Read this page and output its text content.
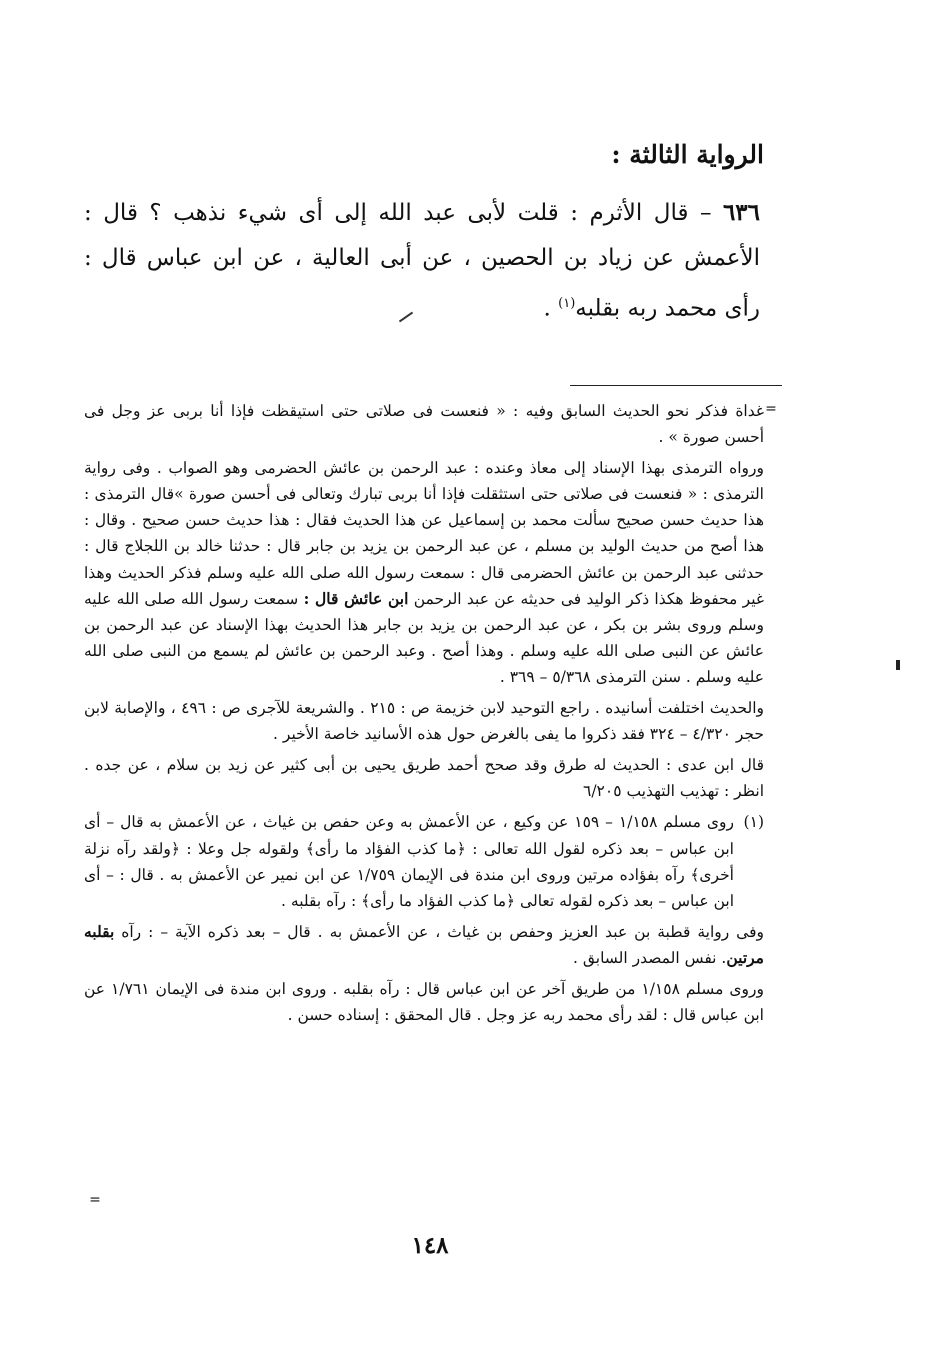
الرواية الثالثة :
٦٣٦ – قال الأثرم : قلت لأبى عبد الله إلى أى شيء نذهب ؟ قال : الأعمش عن زياد بن الحصين ، عن أبى العالية ، عن ابن عباس قال : رأى محمد ربه بقلبه$^{(١)}$ .
=

غداة فذكر نحو الحديث السابق وفيه : « فنعست فى صلاتى حتى استيقظت فإذا أنا بربى عز وجل فى أحسن صورة » .

ورواه الترمذى بهذا الإسناد إلى معاذ وعنده : عبد الرحمن بن عائش الحضرمى وهو الصواب . وفى رواية الترمذى : « فنعست فى صلاتى حتى استثقلت فإذا أنا بربى تبارك وتعالى فى أحسن صورة »قال الترمذى : هذا حديث حسن صحيح سألت محمد بن إسماعيل عن هذا الحديث فقال : هذا حديث حسن صحيح . وقال : هذا أصح من حديث الوليد بن مسلم ، عن عبد الرحمن بن يزيد بن جابر قال : حدثنا خالد بن اللجلاج قال : حدثنى عبد الرحمن بن عائش الحضرمى قال : سمعت رسول الله صلى الله عليه وسلم فذكر الحديث وهذا غير محفوظ هكذا ذكر الوليد فى حديثه عن عبد الرحمن ابن عائش قال : سمعت رسول الله صلى الله عليه وسلم وروى بشر بن بكر ، عن عبد الرحمن بن يزيد بن جابر هذا الحديث بهذا الإسناد عن عبد الرحمن بن عائش عن النبى صلى الله عليه وسلم . وهذا أصح . وعبد الرحمن بن عائش لم يسمع من النبى صلى الله عليه وسلم . سنن الترمذى ٥/٣٦٨ – ٣٦٩ .

والحديث اختلفت أسانيده . راجع التوحيد لابن خزيمة ص : ٢١٥ . والشريعة للآجرى ص : ٤٩٦ ، والإصابة لابن حجر ٤/٣٢٠ – ٣٢٤ فقد ذكروا ما يفى بالغرض حول هذه الأسانيد خاصة الأخير .

قال ابن عدى : الحديث له طرق وقد صحح أحمد طريق يحيى بن أبى كثير عن زيد بن سلام ، عن جده . انظر : تهذيب التهذيب ٦/٢٠٥

(١)
روى مسلم ١/١٥٨ – ١٥٩ عن وكيع ، عن الأعمش به وعن حفص بن غياث ، عن الأعمش به قال – أى ابن عباس – بعد ذكره لقول الله تعالى : ﴿ما كذب الفؤاد ما رأى﴾ ولقوله جل وعلا : ﴿ولقد رآه نزلة أخرى﴾ رآه بفؤاده مرتين وروى ابن مندة فى الإيمان ١/٧٥٩ عن ابن نمير عن الأعمش به . قال : – أى ابن عباس – بعد ذكره لقوله تعالى ﴿ما كذب الفؤاد ما رأى﴾ : رآه بقلبه .

وفى رواية قطبة بن عبد العزيز وحفص بن غياث ، عن الأعمش به . قال – بعد ذكره الآية – : رآه بقلبه مرتين. نفس المصدر السابق .

وروى مسلم ١/١٥٨ من طريق آخر عن ابن عباس قال : رآه بقلبه . وروى ابن مندة فى الإيمان ١/٧٦١ عن ابن عباس قال : لقد رأى محمد ربه عز وجل . قال المحقق : إسناده حسن .

=
١٤٨
